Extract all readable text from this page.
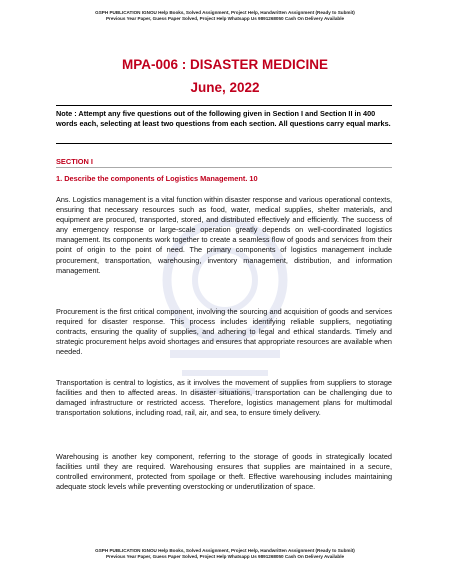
GSPH PUBLICATION IGNOU Help Books, Solved Assignment, Project Help, Handwritten Assignment (Ready to Submit)
Previous Year Paper, Guess Paper Solved, Project Help Whatsapp Us 9891268050 Cash On Delivery Available
MPA-006 : DISASTER MEDICINE
June, 2022
Note : Attempt any five questions out of the following given in Section I and Section II in 400 words each, selecting at least two questions from each section. All questions carry equal marks.
SECTION I
1. Describe the components of Logistics Management. 10

Ans. Logistics management is a vital function within disaster response and various operational contexts, ensuring that necessary resources such as food, water, medical supplies, shelter materials, and equipment are procured, transported, stored, and distributed effectively and efficiently. The success of any emergency response or large-scale operation greatly depends on well-coordinated logistics management. Its components work together to create a seamless flow of goods and services from their point of origin to the point of need. The primary components of logistics management include procurement, transportation, warehousing, inventory management, distribution, and information management.

Procurement is the first critical component, involving the sourcing and acquisition of goods and services required for disaster response. This process includes identifying reliable suppliers, negotiating contracts, ensuring the quality of supplies, and adhering to legal and ethical standards. Timely and strategic procurement helps avoid shortages and ensures that appropriate resources are available when needed.

Transportation is central to logistics, as it involves the movement of supplies from suppliers to storage facilities and then to affected areas. In disaster situations, transportation can be challenging due to damaged infrastructure or restricted access. Therefore, logistics management plans for multimodal transportation solutions, including road, rail, air, and sea, to ensure timely delivery.

Warehousing is another key component, referring to the storage of goods in strategically located facilities until they are required. Warehousing ensures that supplies are maintained in a secure, controlled environment, protected from spoilage or theft. Effective warehousing includes maintaining adequate stock levels while preventing overstocking or underutilization of space.

GSPH PUBLICATION IGNOU Help Books, Solved Assignment, Project Help, Handwritten Assignment (Ready to Submit)
Previous Year Paper, Guess Paper Solved, Project Help Whatsapp Us 9891268050 Cash On Delivery Available
